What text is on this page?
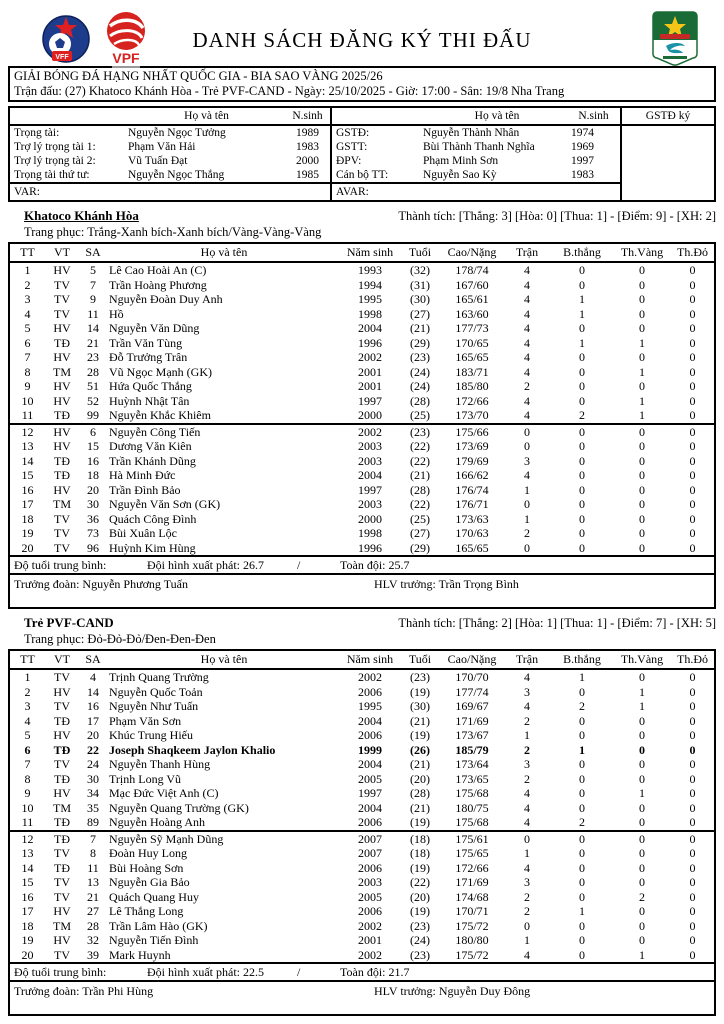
VFF	VPF
DANH SÁCH ĐĂNG KÝ THI ĐẤU
GIẢI BÓNG ĐÁ HẠNG NHẤT QUỐC GIA - BIA SAO VÀNG 2025/26
Trận đấu: (27) Khatoco Khánh Hòa - Trẻ PVF-CAND - Ngày: 25/10/2025 - Giờ: 17:00 - Sân: 19/8 Nha Trang
Họ và tên	N.sinh	Họ và tên	N.sinh
Trọng tài:	Nguyễn Ngọc Tưởng	1989	GSTĐ:	Nguyễn Thành Nhân	1974
Trợ lý trọng tài 1:	Phạm Văn Hải	1983	GSTT:	Bùi Thành Thanh Nghĩa	1969
Trợ lý trọng tài 2:	Vũ Tuấn Đạt	2000	ĐPV:	Phạm Minh Sơn	1997
Trọng tài thứ tư:	Nguyễn Ngọc Thắng	1985	Cán bộ TT:	Nguyễn Sao Kỳ	1983
VAR:	AVAR:
GSTĐ ký
Khatoco Khánh Hòa	Thành tích: [Thắng: 3] [Hòa: 0] [Thua: 1] - [Điểm: 9] - [XH: 2]
Trang phục: Trắng-Xanh bích-Xanh bích/Vàng-Vàng-Vàng
TT	VT	SA	Họ và tên	Năm sinh	Tuổi	Cao/Nặng	Trận	B.thắng	Th.Vàng	Th.Đỏ
1	HV	5	Lê Cao Hoài An (C)	1993	(32)	178/74	4	0	0	0
2	TV	7	Trần Hoàng Phương	1994	(31)	167/60	4	0	0	0
3	TV	9	Nguyễn Đoàn Duy Anh	1995	(30)	165/61	4	1	0	0
4	TV	11	Hồ	1998	(27)	163/60	4	1	0	0
5	HV	14	Nguyễn Văn Dũng	2004	(21)	177/73	4	0	0	0
6	TĐ	21	Trần Văn Tùng	1996	(29)	170/65	4	1	1	0
7	HV	23	Đỗ Trưởng Trân	2002	(23)	165/65	4	0	0	0
8	TM	28	Vũ Ngọc Mạnh (GK)	2001	(24)	183/71	4	0	1	0
9	HV	51	Hứa Quốc Thắng	2001	(24)	185/80	2	0	0	0
10	HV	52	Huỳnh Nhật Tân	1997	(28)	172/66	4	0	1	0
11	TĐ	99	Nguyễn Khắc Khiêm	2000	(25)	173/70	4	2	1	0
12	HV	6	Nguyễn Công Tiến	2002	(23)	175/66	0	0	0	0
13	HV	15	Dương Văn Kiên	2003	(22)	173/69	0	0	0	0
14	TĐ	16	Trần Khánh Dũng	2003	(22)	179/69	3	0	0	0
15	TĐ	18	Hà Minh Đức	2004	(21)	166/62	4	0	0	0
16	HV	20	Trần Đình Bảo	1997	(28)	176/74	1	0	0	0
17	TM	30	Nguyễn Văn Sơn (GK)	2003	(22)	176/71	0	0	0	0
18	TV	36	Quách Công Đình	2000	(25)	173/63	1	0	0	0
19	TV	73	Bùi Xuân Lộc	1998	(27)	170/63	2	0	0	0
20	TV	96	Huỳnh Kim Hùng	1996	(29)	165/65	0	0	0	0

Độ tuổi trung bình: Đội hình xuất phát: 26.7 / Toàn đội: 25.7										

Trưởng đoàn: Nguyễn Phương Tuấn HLV trưởng: Trần Trọng Bình										
Trẻ PVF-CAND	Thành tích: [Thắng: 2] [Hòa: 1] [Thua: 1] - [Điểm: 7] - [XH: 5]
Trang phục: Đỏ-Đỏ-Đỏ/Đen-Đen-Đen
TT	VT	SA	Họ và tên	Năm sinh	Tuổi	Cao/Nặng	Trận	B.thắng	Th.Vàng	Th.Đỏ
1	TV	4	Trịnh Quang Trường	2002	(23)	170/70	4	1	0	0
2	HV	14	Nguyễn Quốc Toản	2006	(19)	177/74	3	0	1	0
3	TV	16	Nguyễn Như Tuấn	1995	(30)	169/67	4	2	1	0
4	TĐ	17	Phạm Văn Sơn	2004	(21)	171/69	2	0	0	0
5	HV	20	Khúc Trung Hiếu	2006	(19)	173/67	1	0	0	0
6	TĐ	22	Joseph Shaqkeem Jaylon Khalio	1999	(26)	185/79	2	1	0	0
7	TV	24	Nguyễn Thanh Hùng	2004	(21)	173/64	3	0	0	0
8	TĐ	30	Trịnh Long Vũ	2005	(20)	173/65	2	0	0	0
9	HV	34	Mạc Đức Việt Anh (C)	1997	(28)	175/68	4	0	1	0
10	TM	35	Nguyễn Quang Trường (GK)	2004	(21)	180/75	4	0	0	0
11	TĐ	89	Nguyễn Hoàng Anh	2006	(19)	175/68	4	2	0	0
12	TĐ	7	Nguyễn Sỹ Mạnh Dũng	2007	(18)	175/61	0	0	0	0
13	TV	8	Đoàn Huy Long	2007	(18)	175/65	1	0	0	0
14	TĐ	11	Bùi Hoàng Sơn	2006	(19)	172/66	4	0	0	0
15	TV	13	Nguyễn Gia Bảo	2003	(22)	171/69	3	0	0	0
16	TV	21	Quách Quang Huy	2005	(20)	174/68	2	0	2	0
17	HV	27	Lê Thắng Long	2006	(19)	170/71	2	1	0	0
18	TM	28	Trần Lâm Hào (GK)	2002	(23)	175/72	0	0	0	0
19	HV	32	Nguyễn Tiến Đình	2001	(24)	180/80	1	0	0	0
20	TV	39	Mark Huynh	2002	(23)	175/72	4	0	1	0

Độ tuổi trung bình: Đội hình xuất phát: 22.5 / Toàn đội: 21.7										

Trưởng đoàn: Trần Phi Hùng HLV trưởng: Nguyễn Duy Đông										
